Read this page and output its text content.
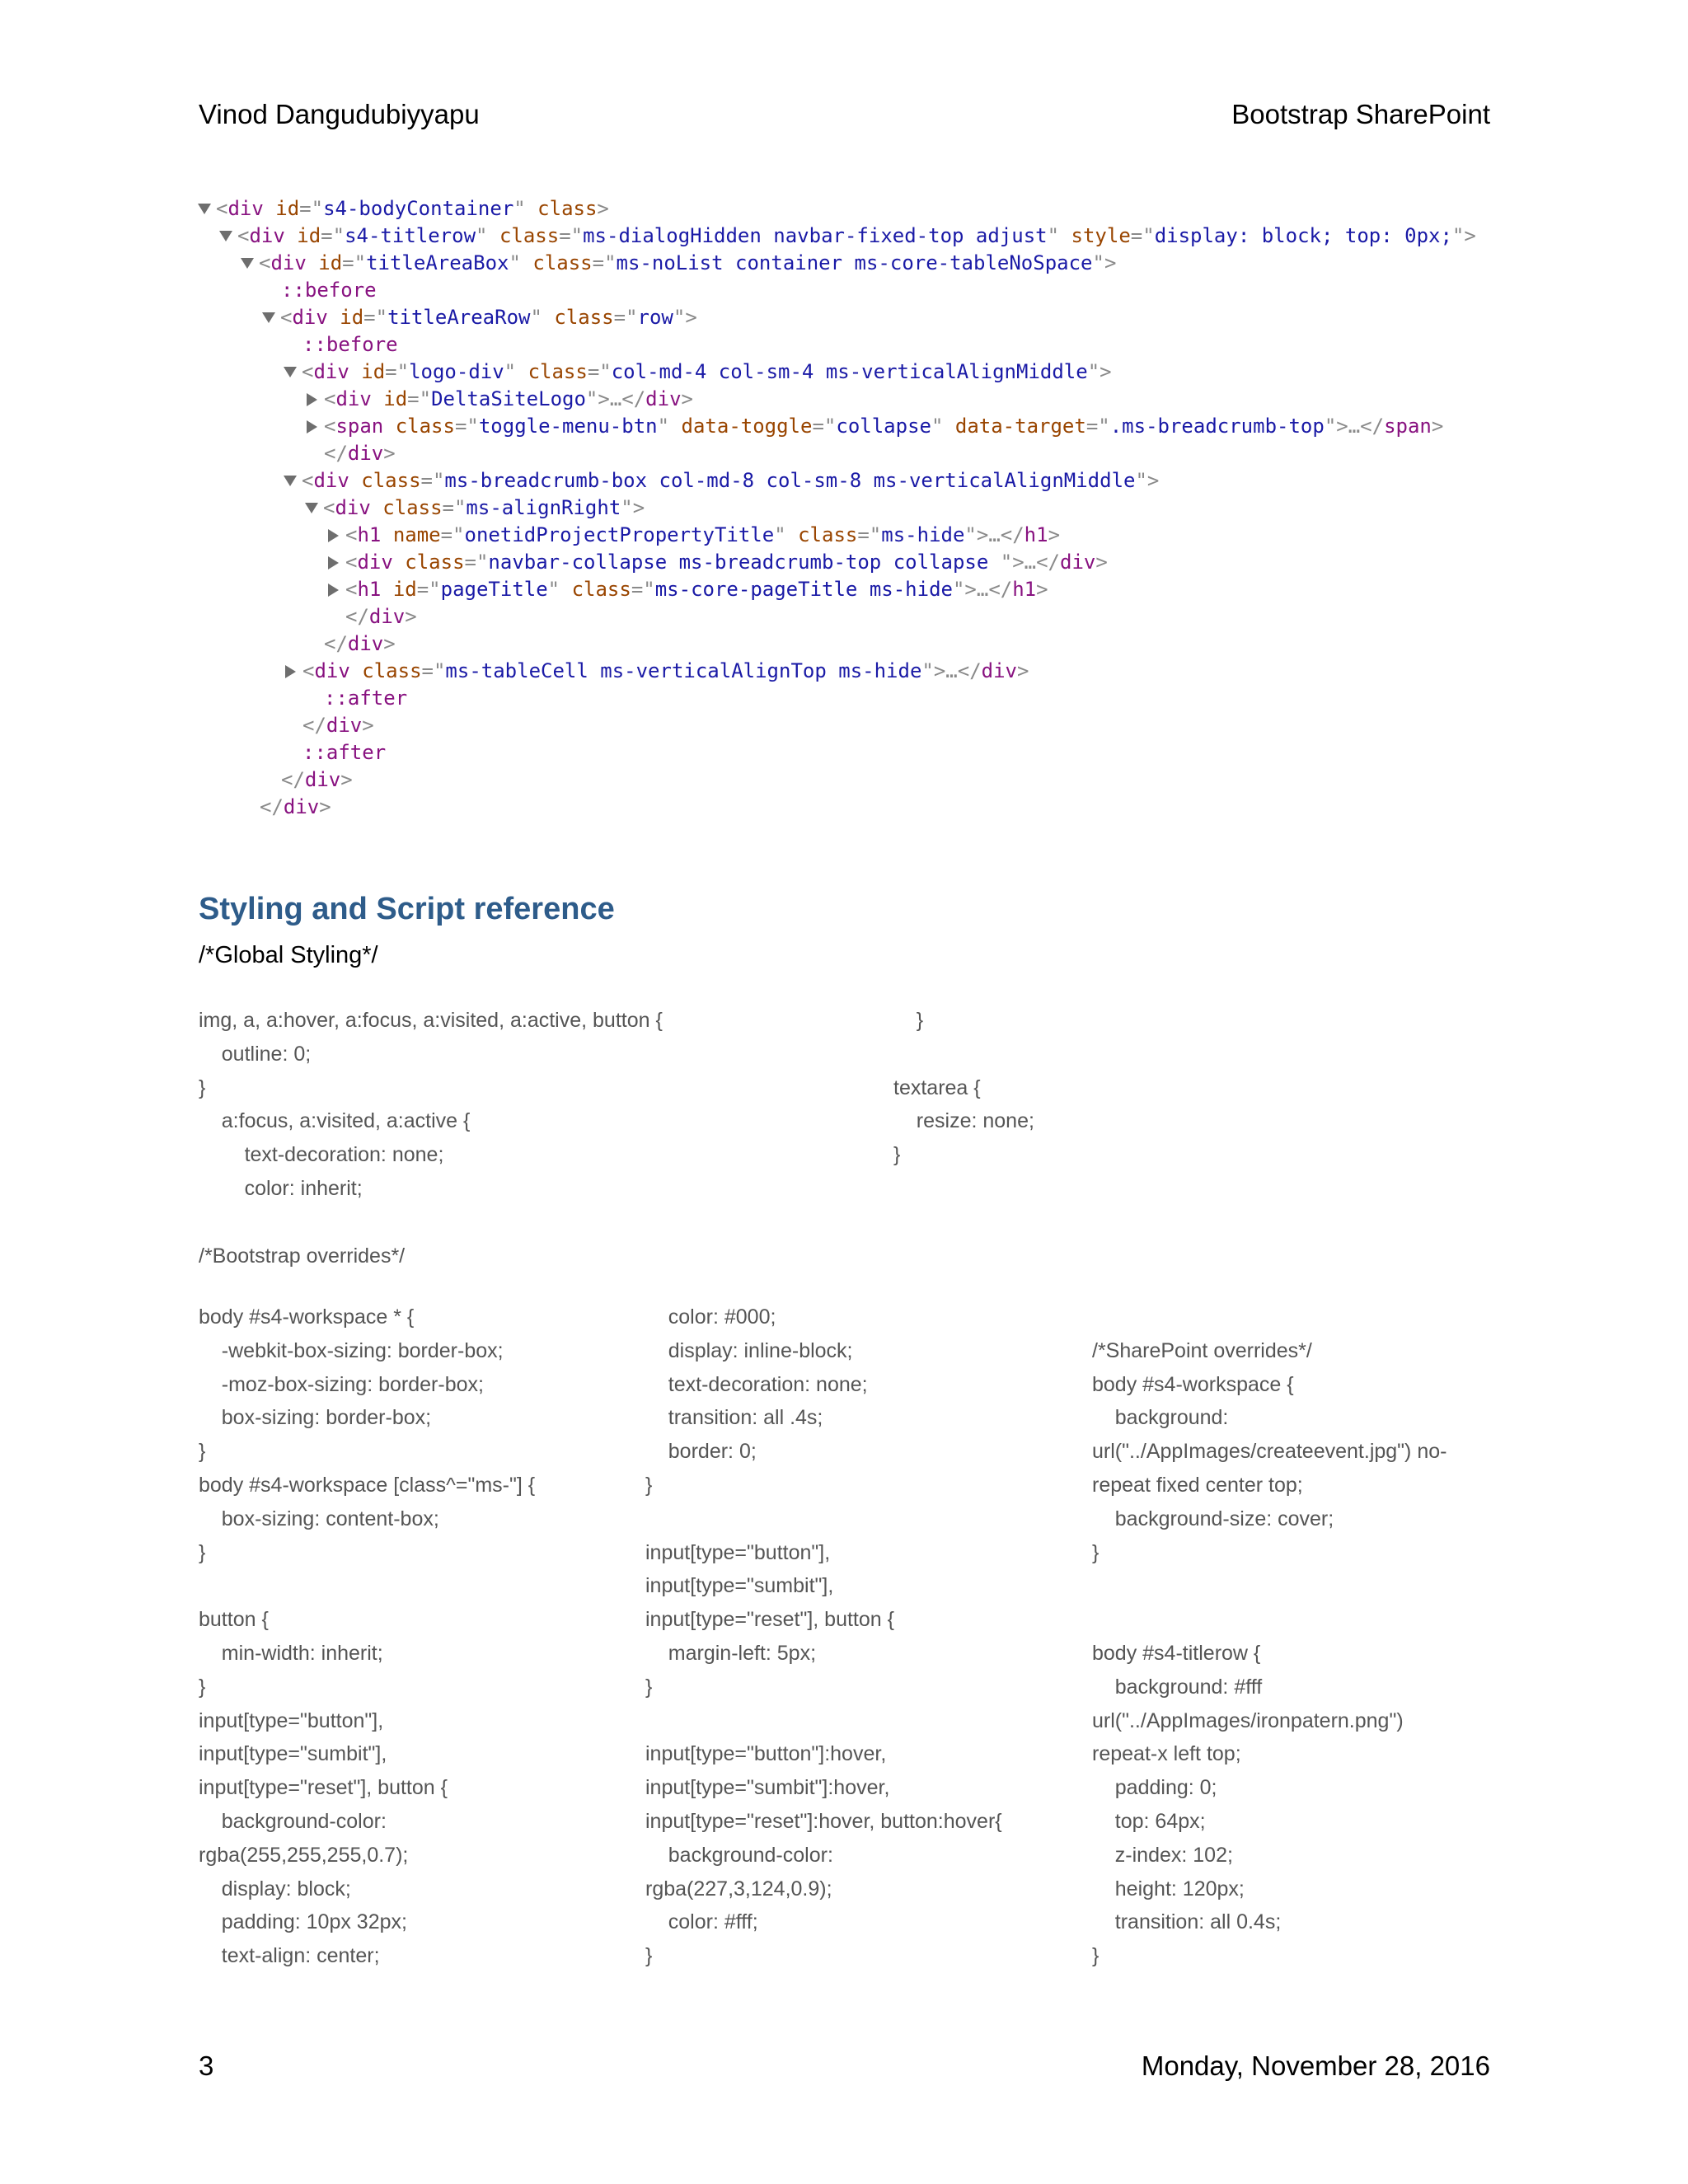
Vinod Dangudubiyyapu	Bootstrap SharePoint
< div
id =" s4-bodyContainer "
class >
< div
id =" s4-titlerow "
class =" ms-dialogHidden navbar-fixed-top adjust "
style =" display: block; top: 0px; ">
< div
id =" titleAreaBox "
class =" ms-noList container ms-core-tableNoSpace ">
::before
< div
id =" titleAreaRow "
class =" row ">
::before
< div
id =" logo-div "
class =" col-md-4 col-sm-4 ms-verticalAlignMiddle ">
< div
id =" DeltaSiteLogo ">…</ div >
< span
class =" toggle-menu-btn "
data-toggle =" collapse "
data-target =" .ms-breadcrumb-top ">…</ span >
</ div >
< div
class =" ms-breadcrumb-box col-md-8 col-sm-8 ms-verticalAlignMiddle ">
< div
class =" ms-alignRight ">
< h1
name =" onetidProjectPropertyTitle "
class =" ms-hide ">…</ h1 >
< div
class =" navbar-collapse ms-breadcrumb-top collapse ">…</ div >
< h1
id =" pageTitle "
class =" ms-core-pageTitle ms-hide ">…</ h1 >
</ div >
</ div >
< div
class =" ms-tableCell ms-verticalAlignTop ms-hide ">…</ div >
::after
</ div >
::after
</ div >
</ div >
Styling and Script reference
/*Global Styling*/
img, a, a:hover, a:focus, a:visited, a:active, button {
outline: 0;
}
a:focus, a:visited, a:active {
text-decoration: none;
color: inherit;
}
textarea {
resize: none;
}
/*Bootstrap overrides*/
body #s4-workspace * {
-webkit-box-sizing: border-box;
-moz-box-sizing: border-box;
box-sizing: border-box;
}
body #s4-workspace [class^="ms-"] {
box-sizing: content-box;
}
button {
min-width: inherit;
}
input[type="button"],
input[type="sumbit"],
input[type="reset"], button {
background-color:
rgba(255,255,255,0.7);
display: block;
padding: 10px 32px;
text-align: center;
color: #000;
display: inline-block;
text-decoration: none;
transition: all .4s;
border: 0;
}
input[type="button"],
input[type="sumbit"],
input[type="reset"], button {
margin-left: 5px;
}
input[type="button"]:hover,
input[type="sumbit"]:hover,
input[type="reset"]:hover, button:hover{
background-color:
rgba(227,3,124,0.9);
color: #fff;
}
/*SharePoint overrides*/
body #s4-workspace {
background:
url("../AppImages/createevent.jpg") no-
repeat fixed center top;
background-size: cover;
}
body #s4-titlerow {
background: #fff
url("../AppImages/ironpatern.png")
repeat-x left top;
padding: 0;
top: 64px;
z-index: 102;
height: 120px;
transition: all 0.4s;
}
3	Monday, November 28, 2016
